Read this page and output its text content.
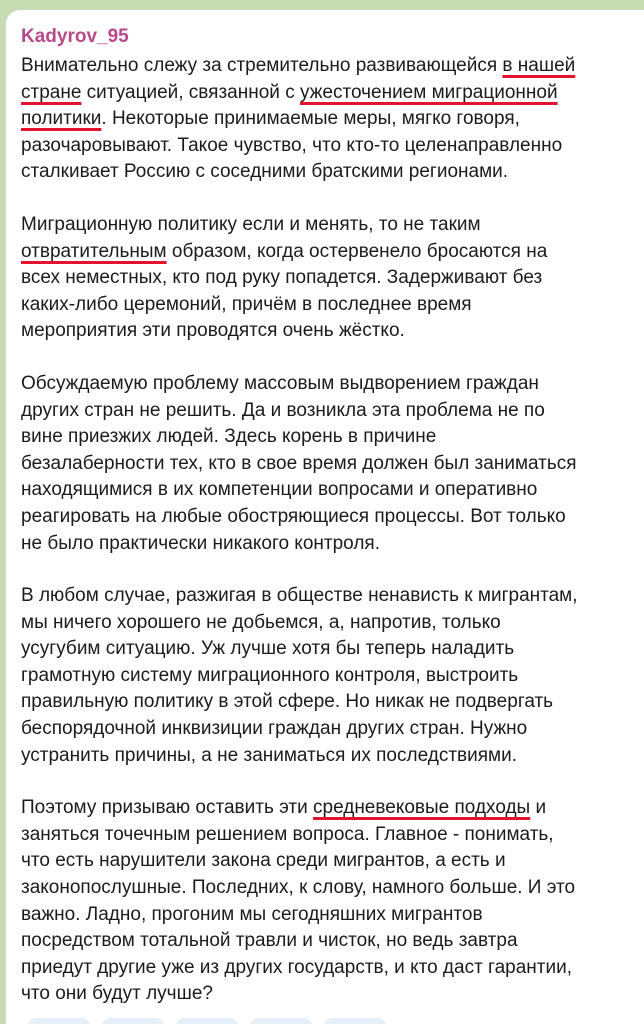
Kadyrov_95
Внимательно слежу за стремительно развивающейся в нашей
стране ситуацией, связанной с ужесточением миграционной
политики. Некоторые принимаемые меры, мягко говоря,
разочаровывают. Такое чувство, что кто-то целенаправленно
сталкивает Россию с соседними братскими регионами.
Миграционную политику если и менять, то не таким
отвратительным образом, когда остервенело бросаются на
всех неместных, кто под руку попадется. Задерживают без
каких-либо церемоний, причём в последнее время
мероприятия эти проводятся очень жёстко.
Обсуждаемую проблему массовым выдворением граждан
других стран не решить. Да и возникла эта проблема не по
вине приезжих людей. Здесь корень в причине
безалаберности тех, кто в свое время должен был заниматься
находящимися в их компетенции вопросами и оперативно
реагировать на любые обостряющиеся процессы. Вот только
не было практически никакого контроля.
В любом случае, разжигая в обществе ненависть к мигрантам,
мы ничего хорошего не добьемся, а, напротив, только
усугубим ситуацию. Уж лучше хотя бы теперь наладить
грамотную систему миграционного контроля, выстроить
правильную политику в этой сфере. Но никак не подвергать
беспорядочной инквизиции граждан других стран. Нужно
устранить причины, а не заниматься их последствиями.
Поэтому призываю оставить эти средневековые подходы и
заняться точечным решением вопроса. Главное - понимать,
что есть нарушители закона среди мигрантов, а есть и
законопослушные. Последних, к слову, намного больше. И это
важно. Ладно, прогоним мы сегодняшних мигрантов
посредством тотальной травли и чисток, но ведь завтра
приедут другие уже из других государств, и кто даст гарантии,
что они будут лучше?
